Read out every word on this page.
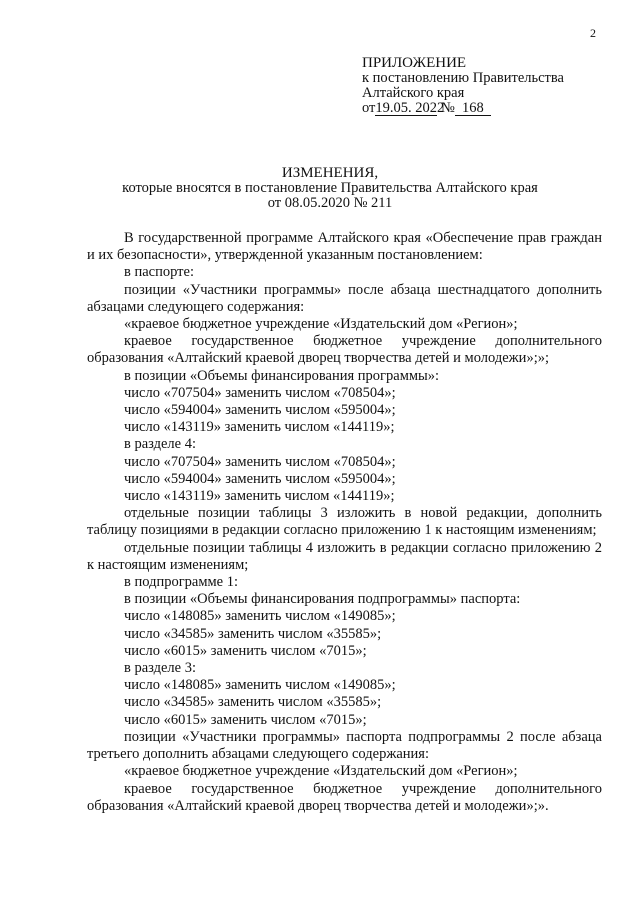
2
ПРИЛОЖЕНИЕ
к постановлению Правительства
Алтайского края
от19.05. 2022 № 168
ИЗМЕНЕНИЯ,
которые вносятся в постановление Правительства Алтайского края
от 08.05.2020 № 211

В государственной программе Алтайского края «Обеспечение прав граждан и их безопасности», утвержденной указанным постановлением:

в паспорте:

позиции «Участники программы» после абзаца шестнадцатого дополнить абзацами следующего содержания:

«краевое бюджетное учреждение «Издательский дом «Регион»;

краевое государственное бюджетное учреждение дополнительного образования «Алтайский краевой дворец творчества детей и молодежи»;»;

в позиции «Объемы финансирования программы»:

число «707504» заменить числом «708504»;

число «594004» заменить числом «595004»;

число «143119» заменить числом «144119»;

в разделе 4:

число «707504» заменить числом «708504»;

число «594004» заменить числом «595004»;

число «143119» заменить числом «144119»;

отдельные позиции таблицы 3 изложить в новой редакции, дополнить таблицу позициями в редакции согласно приложению 1 к настоящим изменениям;

отдельные позиции таблицы 4 изложить в редакции согласно приложению 2 к настоящим изменениям;

в подпрограмме 1:

в позиции «Объемы финансирования подпрограммы» паспорта:

число «148085» заменить числом «149085»;

число «34585» заменить числом «35585»;

число «6015» заменить числом «7015»;

в разделе 3:

число «148085» заменить числом «149085»;

число «34585» заменить числом «35585»;

число «6015» заменить числом «7015»;

позиции «Участники программы» паспорта подпрограммы 2 после абзаца третьего дополнить абзацами следующего содержания:

«краевое бюджетное учреждение «Издательский дом «Регион»;

краевое государственное бюджетное учреждение дополнительного образования «Алтайский краевой дворец творчества детей и молодежи»;».
